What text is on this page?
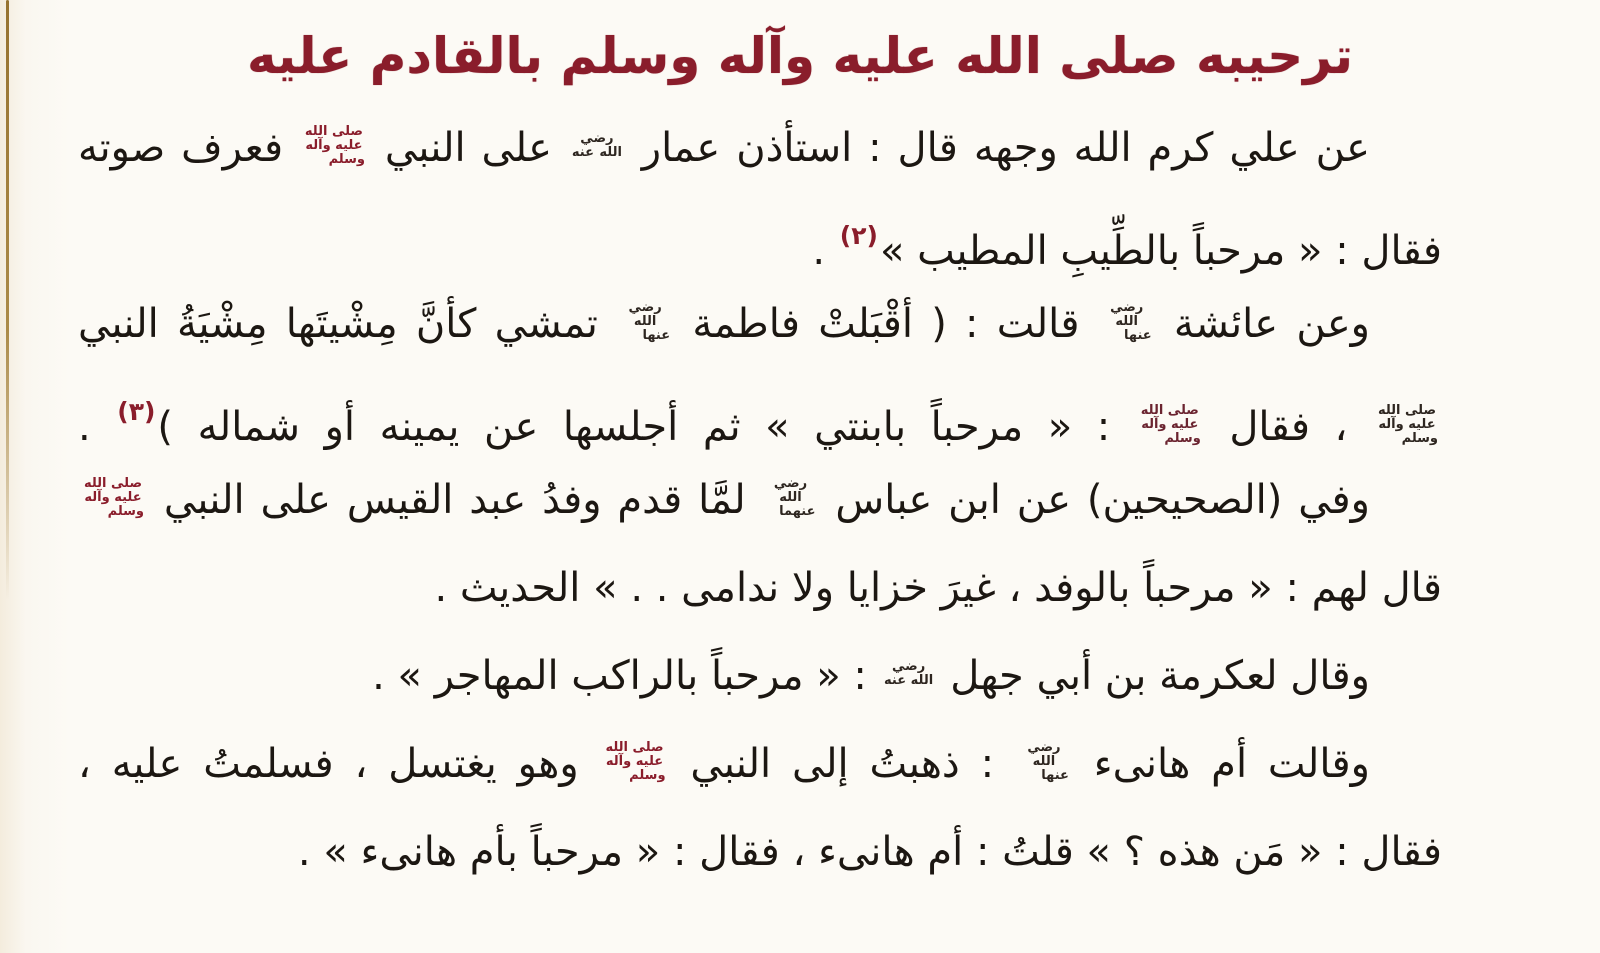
ترحيبه صلى الله عليه وآله وسلم بالقادم عليه
عن علي كرم الله وجهه قال : استأذن عمار رضي الله عنه على النبي صلى الله عليه وآله وسلم فعرف صوته
فقال : « مرحباً بالطِّيبِ المطيب »$^{(٢)}$ .
وعن عائشة رضي الله عنها قالت : ( أقْبَلتْ فاطمة رضي الله عنها تمشي كأنَّ مِشْيتَها مِشْيَةُ النبي
صلى الله عليه وآله وسلم ، فقال صلى الله عليه وآله وسلم : « مرحباً بابنتي » ثم أجلسها عن يمينه أو شماله )$^{(٣)}$ .
وفي (الصحيحين) عن ابن عباس رضي الله عنهما لمَّا قدم وفدُ عبد القيس على النبي صلى الله عليه وآله وسلم
قال لهم : « مرحباً بالوفد ، غيرَ خزايا ولا ندامى . . » الحديث .
وقال لعكرمة بن أبي جهل رضي الله عنه : « مرحباً بالراكب المهاجر » .
وقالت أم هانىء رضي الله عنها : ذهبتُ إلى النبي صلى الله عليه وآله وسلم وهو يغتسل ، فسلمتُ عليه ،
فقال : « مَن هذه ؟ » قلتُ : أم هانىء ، فقال : « مرحباً بأم هانىء » .
